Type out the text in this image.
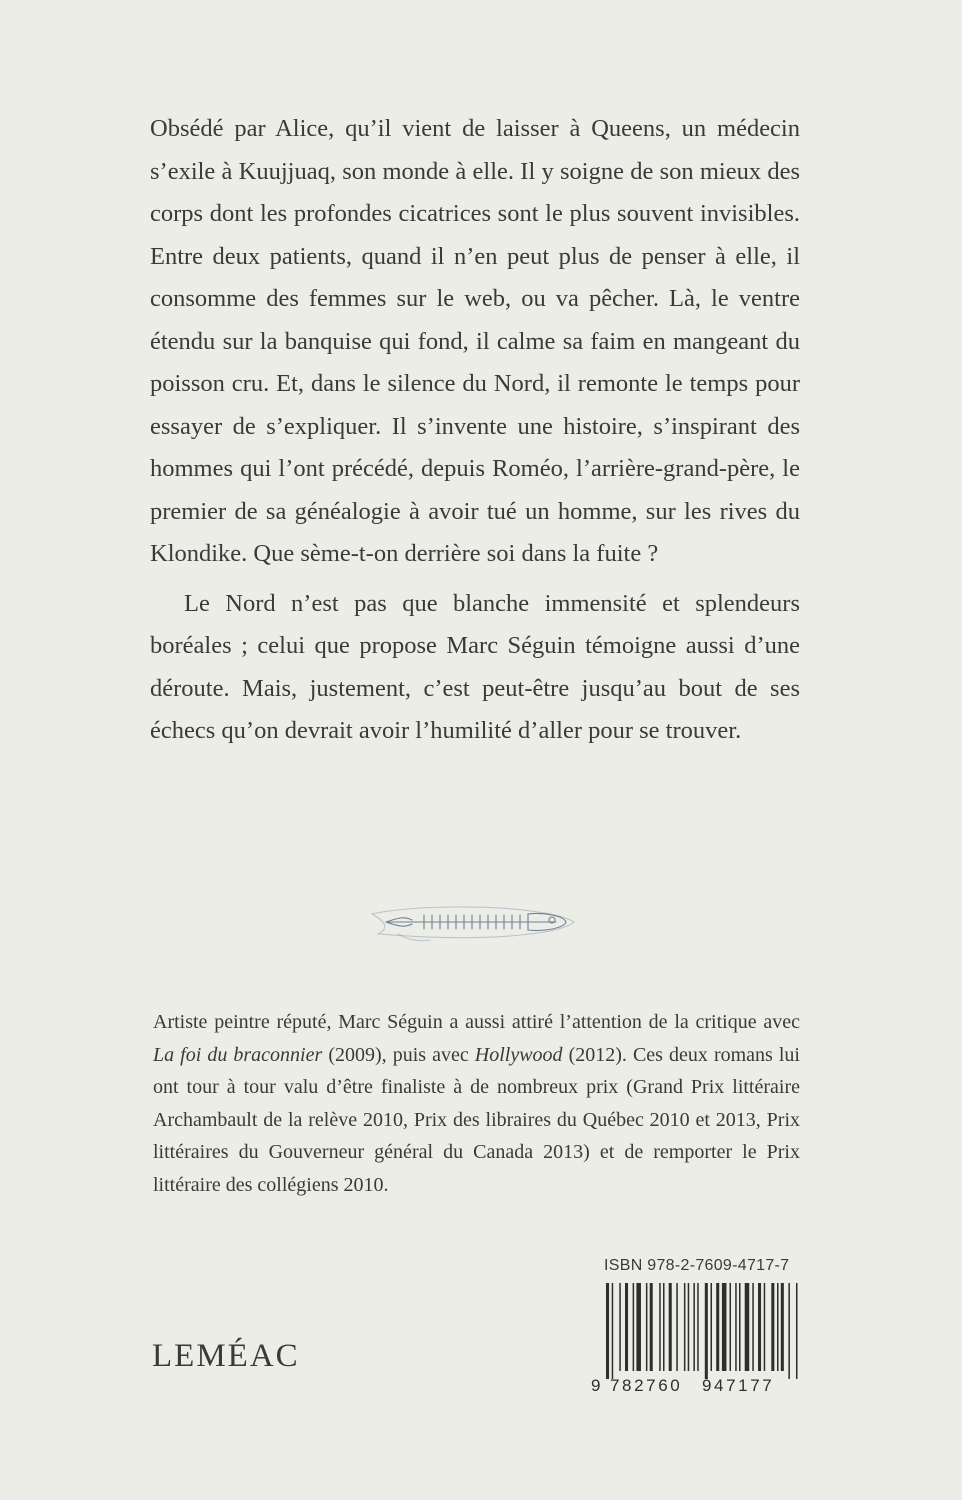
Obsédé par Alice, qu’il vient de laisser à Queens, un médecin s’exile à Kuujjuaq, son monde à elle. Il y soigne de son mieux des corps dont les profondes cicatrices sont le plus souvent invisibles. Entre deux patients, quand il n’en peut plus de penser à elle, il consomme des femmes sur le web, ou va pêcher. Là, le ventre étendu sur la banquise qui fond, il calme sa faim en mangeant du poisson cru. Et, dans le silence du Nord, il remonte le temps pour essayer de s’expliquer. Il s’invente une histoire, s’inspirant des hommes qui l’ont précédé, depuis Roméo, l’arrière-grand-père, le premier de sa généalogie à avoir tué un homme, sur les rives du Klondike. Que sème-t-on derrière soi dans la fuite ?

Le Nord n’est pas que blanche immensité et splendeurs boréales ; celui que propose Marc Séguin témoigne aussi d’une déroute. Mais, justement, c’est peut-être jusqu’au bout de ses échecs qu’on devrait avoir l’humilité d’aller pour se trouver.

Artiste peintre réputé, Marc Séguin a aussi attiré l’attention de la critique avec La foi du braconnier (2009), puis avec Hollywood (2012). Ces deux romans lui ont tour à tour valu d’être finaliste à de nombreux prix (Grand Prix littéraire Archambault de la relève 2010, Prix des libraires du Québec 2010 et 2013, Prix littéraires du Gouverneur général du Canada 2013) et de remporter le Prix littéraire des collégiens 2010.

ISBN 978-2-7609-4717-7
9 782760 947177
LEMÉAC
